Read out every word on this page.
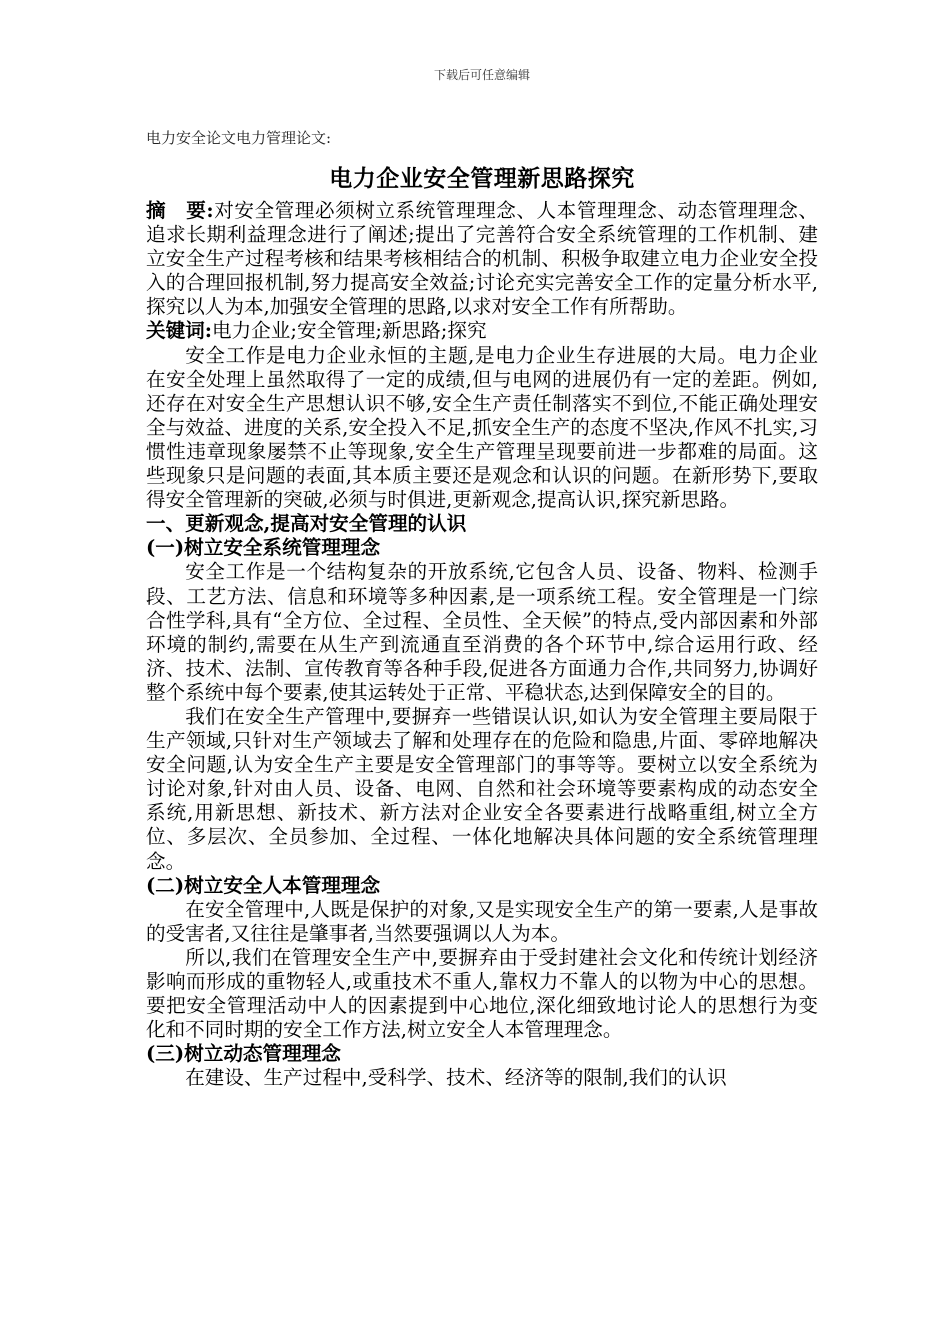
下载后可任意编辑
电力安全论文电力管理论文:
电力企业安全管理新思路探究

摘　要:对安全管理必须树立系统管理理念、人本管理理念、动态管理理念、追求长期利益理念进行了阐述;提出了完善符合安全系统管理的工作机制、建立安全生产过程考核和结果考核相结合的机制、积极争取建立电力企业安全投入的合理回报机制,努力提高安全效益;讨论充实完善安全工作的定量分析水平,探究以人为本,加强安全管理的思路,以求对安全工作有所帮助。

关键词:电力企业;安全管理;新思路;探究

安全工作是电力企业永恒的主题,是电力企业生存进展的大局。电力企业在安全处理上虽然取得了一定的成绩,但与电网的进展仍有一定的差距。例如,还存在对安全生产思想认识不够,安全生产责任制落实不到位,不能正确处理安全与效益、进度的关系,安全投入不足,抓安全生产的态度不坚决,作风不扎实,习惯性违章现象屡禁不止等现象,安全生产管理呈现要前进一步都难的局面。这些现象只是问题的表面,其本质主要还是观念和认识的问题。在新形势下,要取得安全管理新的突破,必须与时俱进,更新观念,提高认识,探究新思路。

一、更新观念,提高对安全管理的认识

(一)树立安全系统管理理念

安全工作是一个结构复杂的开放系统,它包含人员、设备、物料、检测手段、工艺方法、信息和环境等多种因素,是一项系统工程。安全管理是一门综合性学科,具有“全方位、全过程、全员性、全天候”的特点,受内部因素和外部环境的制约,需要在从生产到流通直至消费的各个环节中,综合运用行政、经济、技术、法制、宣传教育等各种手段,促进各方面通力合作,共同努力,协调好整个系统中每个要素,使其运转处于正常、平稳状态,达到保障安全的目的。

我们在安全生产管理中,要摒弃一些错误认识,如认为安全管理主要局限于生产领域,只针对生产领域去了解和处理存在的危险和隐患,片面、零碎地解决安全问题,认为安全生产主要是安全管理部门的事等等。要树立以安全系统为讨论对象,针对由人员、设备、电网、自然和社会环境等要素构成的动态安全系统,用新思想、新技术、新方法对企业安全各要素进行战略重组,树立全方位、多层次、全员参加、全过程、一体化地解决具体问题的安全系统管理理念。

(二)树立安全人本管理理念

在安全管理中,人既是保护的对象,又是实现安全生产的第一要素,人是事故的受害者,又往往是肇事者,当然要强调以人为本。

所以,我们在管理安全生产中,要摒弃由于受封建社会文化和传统计划经济影响而形成的重物轻人,或重技术不重人,靠权力不靠人的以物为中心的思想。要把安全管理活动中人的因素提到中心地位,深化细致地讨论人的思想行为变化和不同时期的安全工作方法,树立安全人本管理理念。

(三)树立动态管理理念

在建设、生产过程中,受科学、技术、经济等的限制,我们的认识
